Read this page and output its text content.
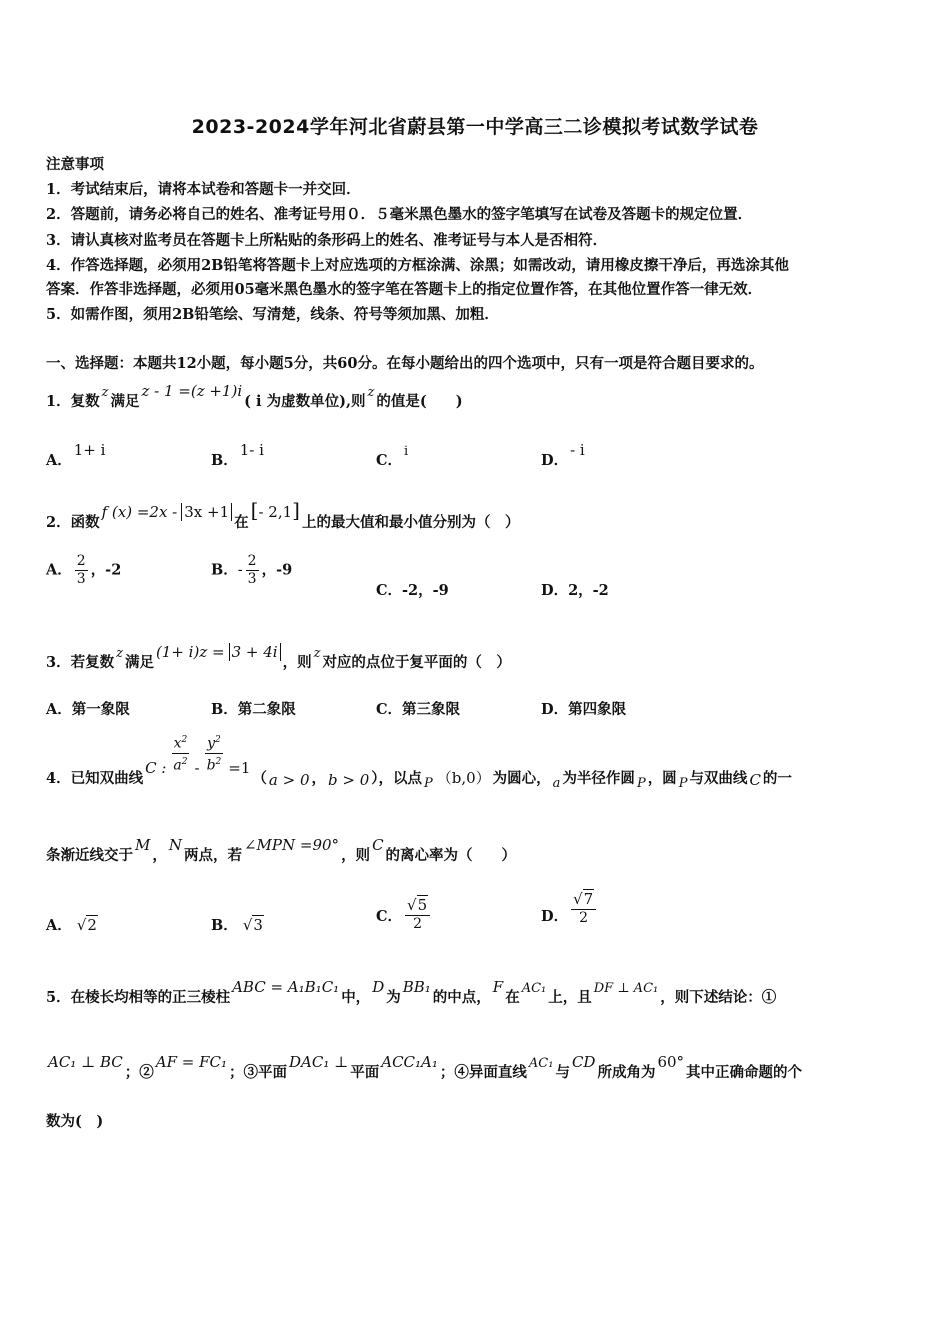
2023-2024学年河北省蔚县第一中学高三二诊模拟考试数学试卷
注意事项
1．考试结束后，请将本试卷和答题卡一并交回．
2．答题前，请务必将自己的姓名、准考证号用０．５毫米黑色墨水的签字笔填写在试卷及答题卡的规定位置．
3．请认真核对监考员在答题卡上所粘贴的条形码上的姓名、准考证号与本人是否相符．
4．作答选择题，必须用2B铅笔将答题卡上对应选项的方框涂满、涂黑；如需改动，请用橡皮擦干净后，再选涂其他
答案．作答非选择题，必须用05毫米黑色墨水的签字笔在答题卡上的指定位置作答，在其他位置作答一律无效．
5．如需作图，须用2B铅笔绘、写清楚，线条、符号等须加黑、加粗．
一、选择题：本题共12小题，每小题5分，共60分。在每小题给出的四个选项中，只有一项是符合题目要求的。
1．复数z满足z - 1 =(z +1)i( i 为虚数单位),则z的值是(　　)
A．1+ i
B．1- i
C．i
D．- i
2．函数f (x) =2x - 3x +1在[- 2,1]上的最大值和最小值分别为（　）
A． $\frac{2}{3}$ ，-2	B．- $\frac{2}{3}$ ，-9
C．-2，-9	D．2，-2
3．若复数z满足(1+ i)z = 3 + 4i，则z对应的点位于复平面的（　）
A．第一象限	B．第二象限	C．第三象限	D．第四象限
4．已知双曲线C : $\frac{x^2}{a^2} - \frac{y^2}{b^2} =1$（ a > 0 ， b > 0 ），以点 P （b,0） 为圆心， a 为半径作圆 P ，圆 P 与双曲线 C 的一
条渐近线交于M，N两点，若∠MPN =90°，则C的离心率为（　　）
A． √2	B． √3	C． $\frac{√5}{2}$	D． $\frac{√7}{2}$
5．在棱长均相等的正三棱柱ABC = A₁B₁C₁中，D为BB₁的中点，F在AC₁上，且DF ⊥ AC₁，则下述结论：①
AC₁ ⊥ BC；②AF = FC₁；③平面DAC₁ ⊥平面ACC₁A₁；④异面直线AC₁与CD所成角为60°其中正确命题的个
数为(　)
